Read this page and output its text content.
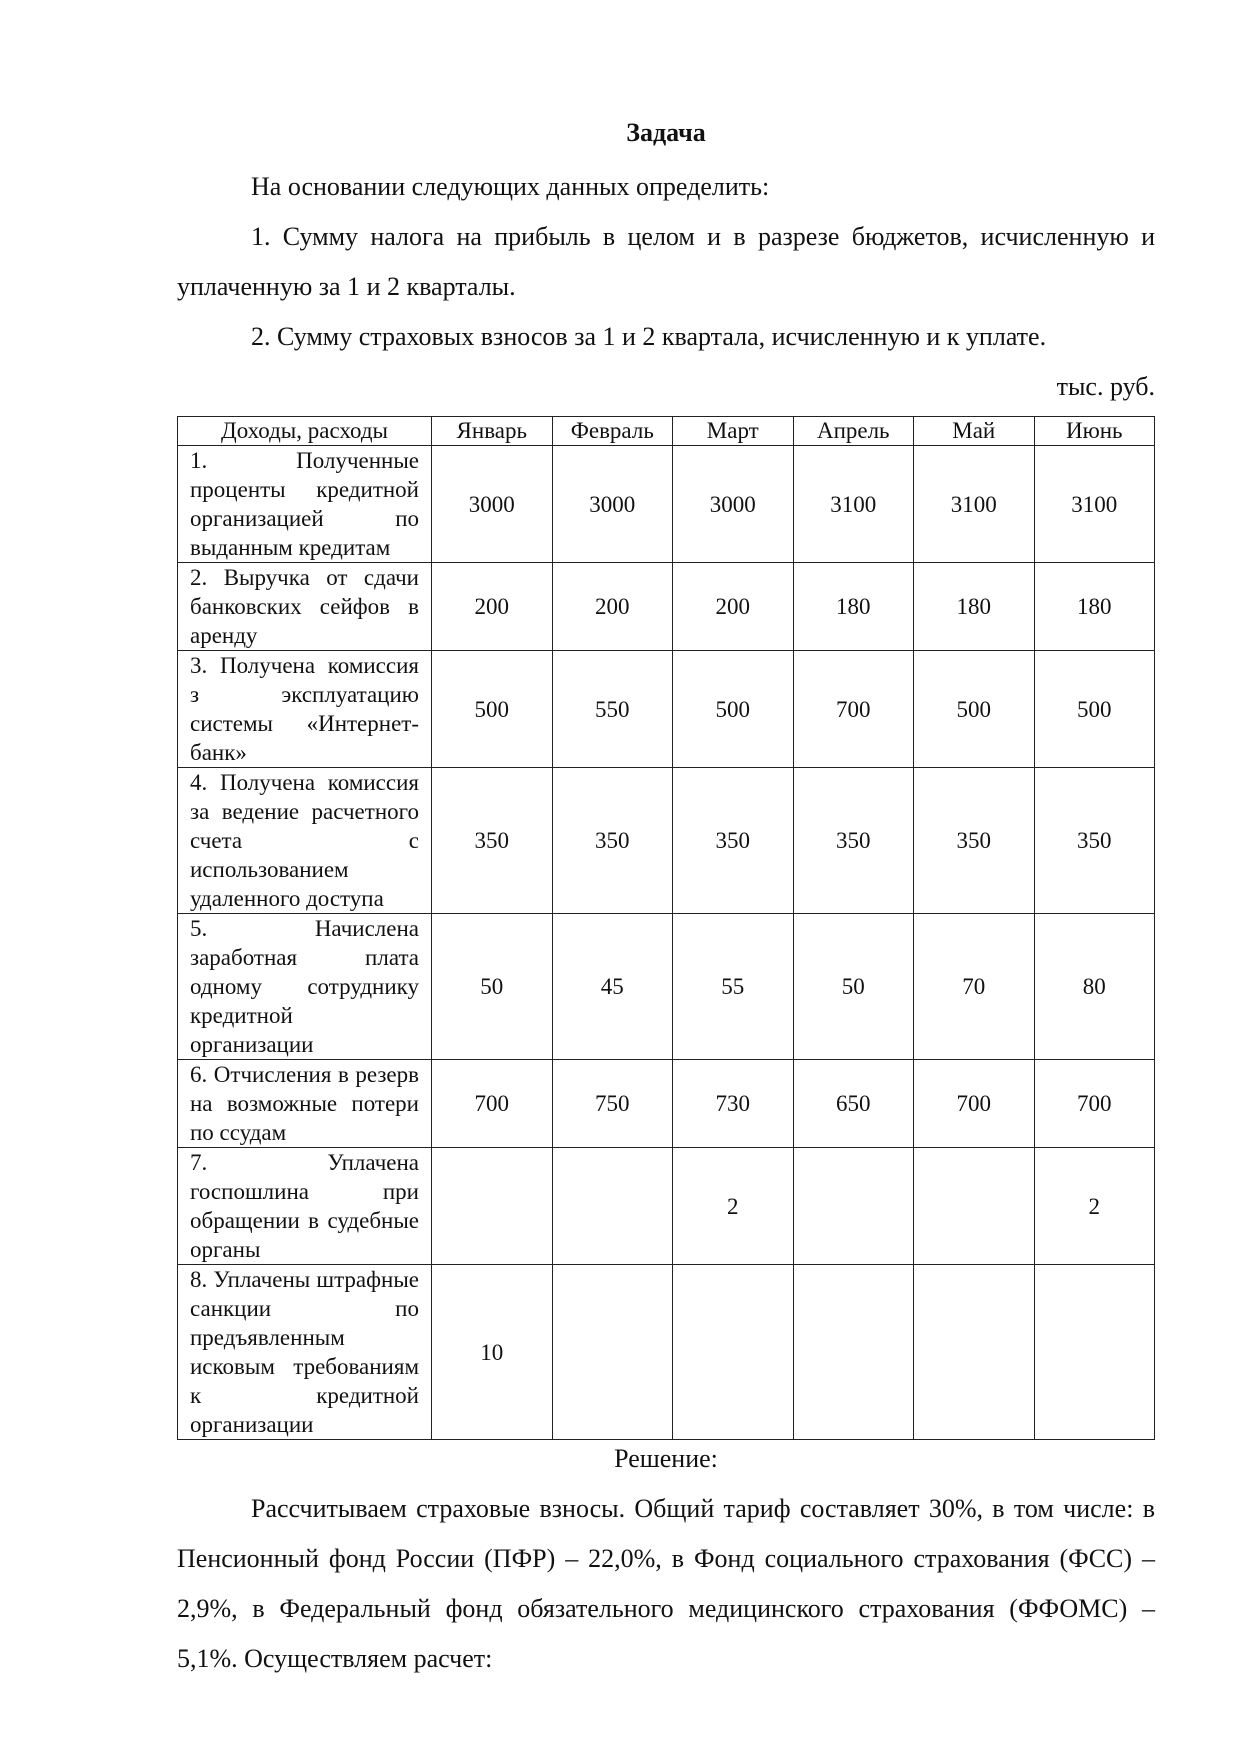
Задача

На основании следующих данных определить:

1. Сумму налога на прибыль в целом и в разрезе бюджетов, исчисленную и уплаченную за 1 и 2 кварталы.

2. Сумму страховых взносов за 1 и 2 квартала, исчисленную и к уплате.

тыс. руб.

Доходы, расходы	Январь	Февраль	Март	Апрель	Май	Июнь
1. Полученные проценты кредитной организацией по выданным кредитам	3000	3000	3000	3100	3100	3100
2. Выручка от сдачи банковских сейфов в аренду	200	200	200	180	180	180
3. Получена комиссия з эксплуатацию системы «Интернет-банк»	500	550	500	700	500	500
4. Получена комиссия за ведение расчетного счета с использованием удаленного доступа	350	350	350	350	350	350
5. Начислена заработная плата одному сотруднику кредитной организации	50	45	55	50	70	80
6. Отчисления в резерв на возможные потери по ссудам	700	750	730	650	700	700
7. Уплачена госпошлина при обращении в судебные органы			2			2
8. Уплачены штрафные санкции по предъявленным исковым требованиям к кредитной организации	10					

Решение:

Рассчитываем страховые взносы. Общий тариф составляет 30%, в том числе: в Пенсионный фонд России (ПФР) – 22,0%, в Фонд социального страхования (ФСС) – 2,9%, в Федеральный фонд обязательного медицинского страхования (ФФОМС) – 5,1%. Осуществляем расчет:
